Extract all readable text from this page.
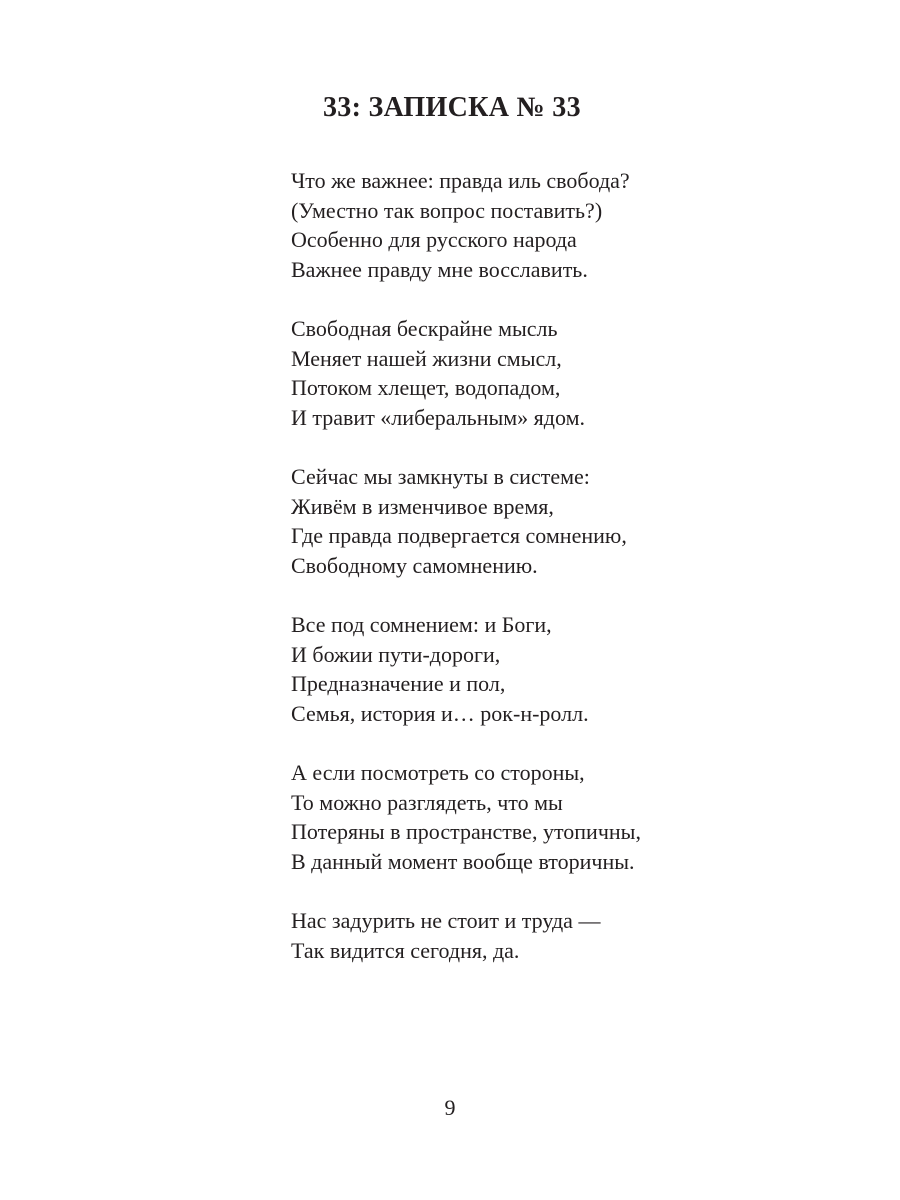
33: ЗАПИСКА № 33

Что же важнее: правда иль свобода?
(Уместно так вопрос поставить?)
Особенно для русского народа
Важнее правду мне восславить.

Свободная бескрайне мысль
Меняет нашей жизни смысл,
Потоком хлещет, водопадом,
И травит «либеральным» ядом.

Сейчас мы замкнуты в системе:
Живём в изменчивое время,
Где правда подвергается сомнению,
Свободному самомнению.

Все под сомнением: и Боги,
И божии пути-дороги,
Предназначение и пол,
Семья, история и… рок-н-ролл.

А если посмотреть со стороны,
То можно разглядеть, что мы
Потеряны в пространстве, утопичны,
В данный момент вообще вторичны.

Нас задурить не стоит и труда —
Так видится сегодня, да.

9
